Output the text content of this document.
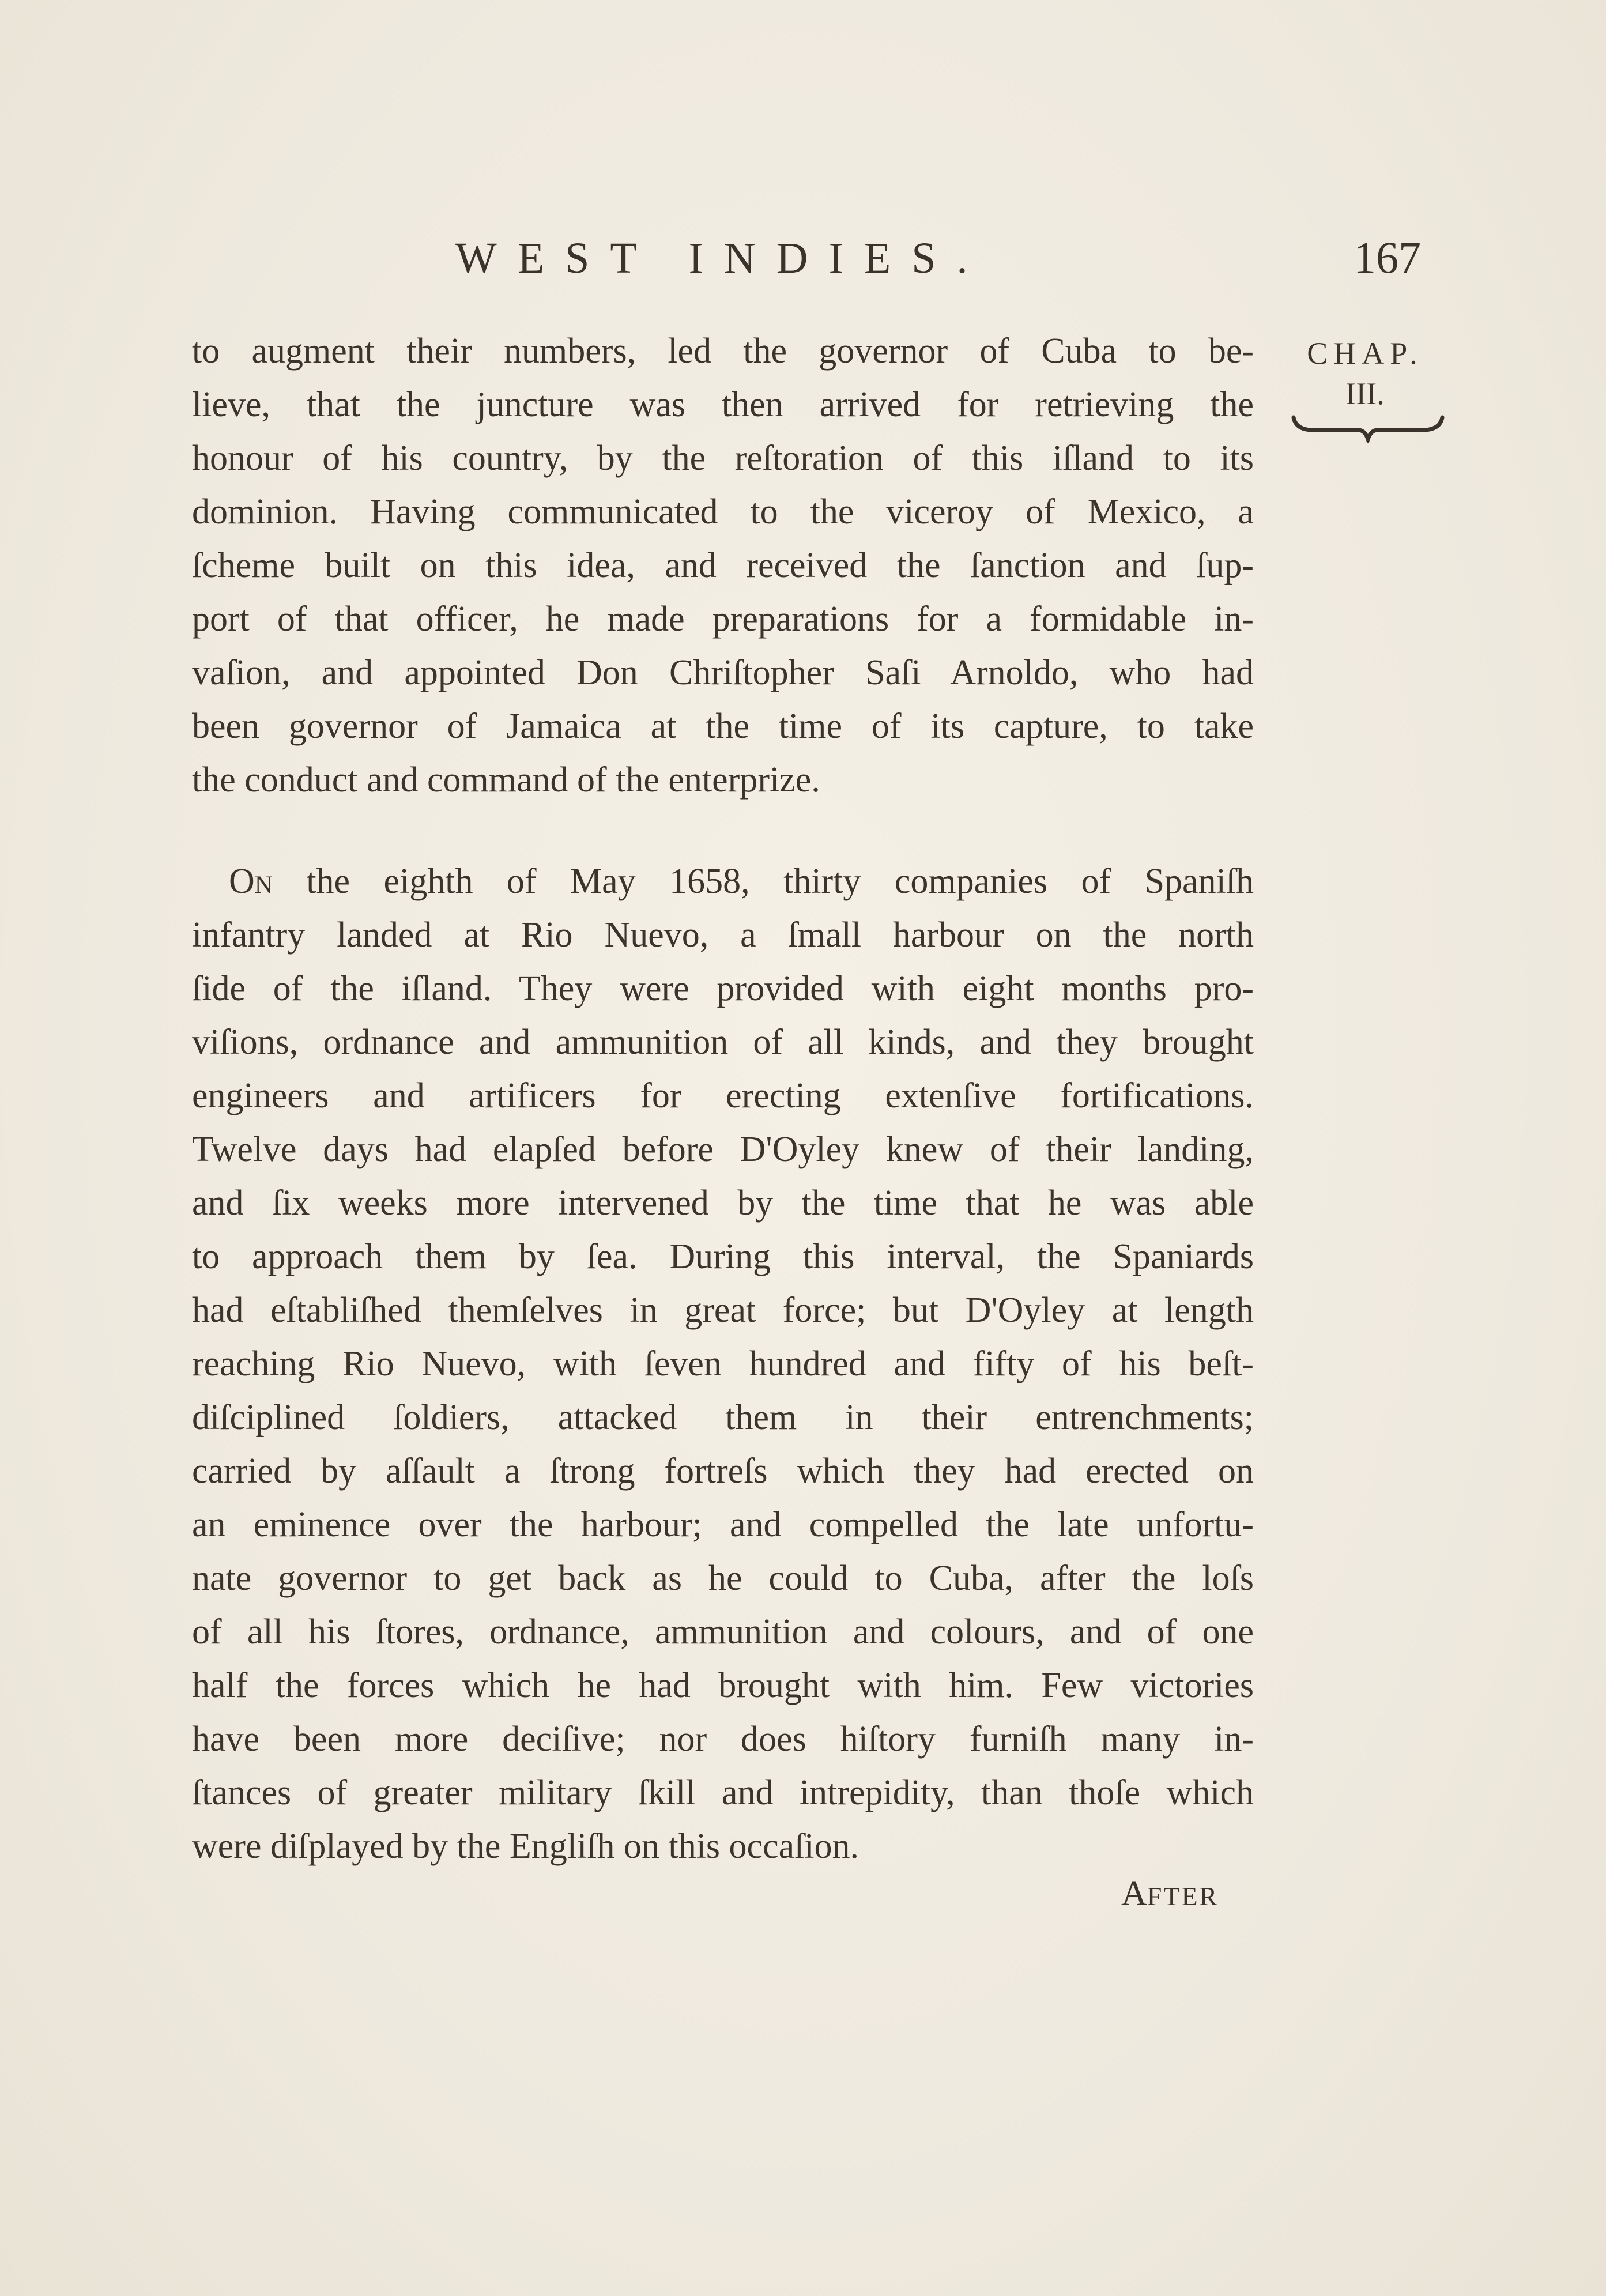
WEST INDIES.	167
CHAP.
III.
to augment their numbers, led the governor of Cuba to be-
lieve, that the juncture was then arrived for retrieving the
honour of his country, by the reſtoration of this iſland to its
dominion. Having communicated to the viceroy of Mexico, a
ſcheme built on this idea, and received the ſanction and ſup-
port of that officer, he made preparations for a formidable in-
vaſion, and appointed Don Chriſtopher Saſi Arnoldo, who had
been governor of Jamaica at the time of its capture, to take
the conduct and command of the enterprize.
On the eighth of May 1658, thirty companies of Spaniſh
infantry landed at Rio Nuevo, a ſmall harbour on the north
ſide of the iſland. They were provided with eight months pro-
viſions, ordnance and ammunition of all kinds, and they brought
engineers and artificers for erecting extenſive fortifications.
Twelve days had elapſed before D'Oyley knew of their landing,
and ſix weeks more intervened by the time that he was able
to approach them by ſea. During this interval, the Spaniards
had eſtabliſhed themſelves in great force; but D'Oyley at length
reaching Rio Nuevo, with ſeven hundred and fifty of his beſt-
diſciplined ſoldiers, attacked them in their entrenchments;
carried by aſſault a ſtrong fortreſs which they had erected on
an eminence over the harbour; and compelled the late unfortu-
nate governor to get back as he could to Cuba, after the loſs
of all his ſtores, ordnance, ammunition and colours, and of one
half the forces which he had brought with him. Few victories
have been more deciſive; nor does hiſtory furniſh many in-
ſtances of greater military ſkill and intrepidity, than thoſe which
were diſplayed by the Engliſh on this occaſion.
AFTER
